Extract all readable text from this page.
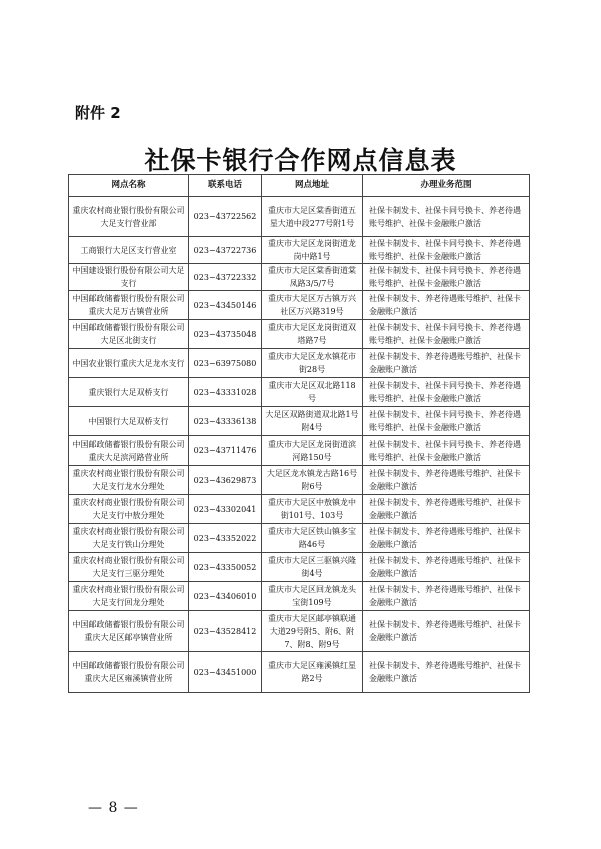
附件 2
社保卡银行合作网点信息表
网点名称	联系电话	网点地址	办理业务范围
重庆农村商业银行股份有限公司大足支行营业部	023−43722562	重庆市大足区棠香街道五星大道中段277号附1号	社保卡制发卡、社保卡同号换卡、养老待遇账号维护、社保卡金融账户激活
工商银行大足区支行营业室	023−43722736	重庆市大足区龙岗街道龙岗中路1号	社保卡制发卡、社保卡同号换卡、养老待遇账号维护、社保卡金融账户激活
中国建设银行股份有限公司大足支行	023−43722332	重庆市大足区棠香街道棠凤路3/5/7号	社保卡制发卡、社保卡同号换卡、养老待遇账号维护、社保卡金融账户激活
中国邮政储蓄银行股份有限公司重庆大足万古镇营业所	023−43450146	重庆市大足区万古镇万兴社区万兴路319号	社保卡制发卡、养老待遇账号维护、社保卡金融账户激活
中国邮政储蓄银行股份有限公司大足区北街支行	023−43735048	重庆市大足区龙岗街道双塔路7号	社保卡制发卡、社保卡同号换卡、养老待遇账号维护、社保卡金融账户激活
中国农业银行重庆大足龙水支行	023−63975080	重庆市大足区龙水镇花市街28号	社保卡制发卡、养老待遇账号维护、社保卡金融账户激活
重庆银行大足双桥支行	023−43331028	重庆市大足区双北路118号	社保卡制发卡、社保卡同号换卡、养老待遇账号维护、社保卡金融账户激活
中国银行大足双桥支行	023−43336138	大足区双路街道双北路1号附4号	社保卡制发卡、社保卡同号换卡、养老待遇账号维护、社保卡金融账户激活
中国邮政储蓄银行股份有限公司重庆大足滨河路营业所	023−43711476	重庆市大足区龙岗街道滨河路150号	社保卡制发卡、社保卡同号换卡、养老待遇账号维护、社保卡金融账户激活
重庆农村商业银行股份有限公司大足支行龙水分理处	023−43629873	大足区龙水镇龙古路16号附6号	社保卡制发卡、养老待遇账号维护、社保卡金融账户激活
重庆农村商业银行股份有限公司大足支行中敖分理处	023−43302041	重庆市大足区中敖镇龙中街101号、103号	社保卡制发卡、养老待遇账号维护、社保卡金融账户激活
重庆农村商业银行股份有限公司大足支行铁山分理处	023−43352022	重庆市大足区铁山镇多宝路46号	社保卡制发卡、养老待遇账号维护、社保卡金融账户激活
重庆农村商业银行股份有限公司大足支行三驱分理处	023−43350052	重庆市大足区三驱镇兴隆街4号	社保卡制发卡、养老待遇账号维护、社保卡金融账户激活
重庆农村商业银行股份有限公司大足支行回龙分理处	023−43406010	重庆市大足区回龙镇龙头宝街109号	社保卡制发卡、养老待遇账号维护、社保卡金融账户激活
中国邮政储蓄银行股份有限公司重庆大足区邮亭镇营业所	023−43528412	重庆市大足区邮亭镇联通大道29号附5、附6、附7、附8、附9号	社保卡制发卡、养老待遇账号维护、社保卡金融账户激活
中国邮政储蓄银行股份有限公司重庆大足区雍溪镇营业所	023−43451000	重庆市大足区雍溪镇红星路2号	社保卡制发卡、养老待遇账号维护、社保卡金融账户激活
— 8 —
